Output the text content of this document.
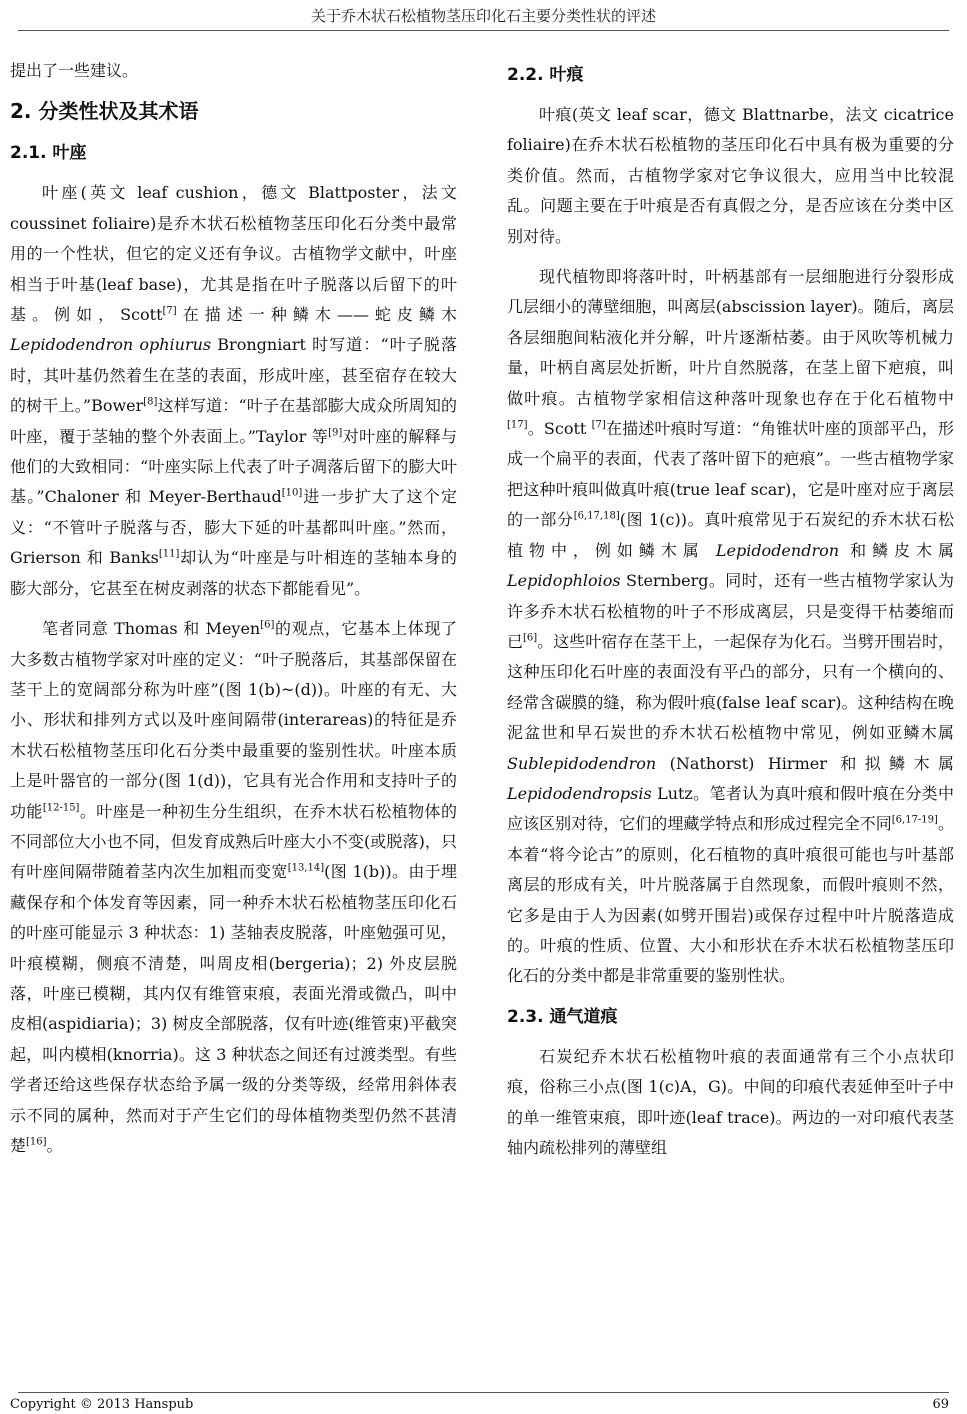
关于乔木状石松植物茎压印化石主要分类性状的评述

提出了一些建议。

2. 分类性状及其术语
2.1. 叶座

叶座(英文 leaf cushion，德文 Blattposter，法文 coussinet foliaire)是乔木状石松植物茎压印化石分类中最常用的一个性状，但它的定义还有争议。古植物学文献中，叶座相当于叶基(leaf base)，尤其是指在叶子脱落以后留下的叶基。例如，Scott[7]在描述一种鳞木——蛇皮鳞木 Lepidodendron ophiurus Brongniart 时写道：“叶子脱落时，其叶基仍然着生在茎的表面，形成叶座，甚至宿存在较大的树干上。”Bower[8]这样写道：“叶子在基部膨大成众所周知的叶座，覆于茎轴的整个外表面上。”Taylor 等[9]对叶座的解释与他们的大致相同：“叶座实际上代表了叶子凋落后留下的膨大叶基。”Chaloner 和 Meyer-Berthaud[10]进一步扩大了这个定义：“不管叶子脱落与否，膨大下延的叶基都叫叶座。”然而，Grierson 和 Banks[11]却认为“叶座是与叶相连的茎轴本身的膨大部分，它甚至在树皮剥落的状态下都能看见”。

笔者同意 Thomas 和 Meyen[6]的观点，它基本上体现了大多数古植物学家对叶座的定义：“叶子脱落后，其基部保留在茎干上的宽阔部分称为叶座”(图 1(b)~(d))。叶座的有无、大小、形状和排列方式以及叶座间隔带(interareas)的特征是乔木状石松植物茎压印化石分类中最重要的鉴别性状。叶座本质上是叶器官的一部分(图 1(d))，它具有光合作用和支持叶子的功能[12-15]。叶座是一种初生分生组织，在乔木状石松植物体的不同部位大小也不同，但发育成熟后叶座大小不变(或脱落)，只有叶座间隔带随着茎内次生加粗而变宽[13,14](图 1(b))。由于埋藏保存和个体发育等因素，同一种乔木状石松植物茎压印化石的叶座可能显示 3 种状态：1) 茎轴表皮脱落，叶座勉强可见，叶痕模糊，侧痕不清楚，叫周皮相(bergeria)；2) 外皮层脱落，叶座已模糊，其内仅有维管束痕，表面光滑或微凸，叫中皮相(aspidiaria)；3) 树皮全部脱落，仅有叶迹(维管束)平截突起，叫内模相(knorria)。这 3 种状态之间还有过渡类型。有些学者还给这些保存状态给予属一级的分类等级，经常用斜体表示不同的属种，然而对于产生它们的母体植物类型仍然不甚清楚[16]。

2.2. 叶痕

叶痕(英文 leaf scar，德文 Blattnarbe，法文 cicatrice foliaire)在乔木状石松植物的茎压印化石中具有极为重要的分类价值。然而，古植物学家对它争议很大，应用当中比较混乱。问题主要在于叶痕是否有真假之分，是否应该在分类中区别对待。

现代植物即将落叶时，叶柄基部有一层细胞进行分裂形成几层细小的薄壁细胞，叫离层(abscission layer)。随后，离层各层细胞间粘液化并分解，叶片逐渐枯萎。由于风吹等机械力量，叶柄自离层处折断，叶片自然脱落，在茎上留下疤痕，叫做叶痕。古植物学家相信这种落叶现象也存在于化石植物中[17]。Scott [7]在描述叶痕时写道：“角锥状叶座的顶部平凸，形成一个扁平的表面，代表了落叶留下的疤痕”。一些古植物学家把这种叶痕叫做真叶痕(true leaf scar)，它是叶座对应于离层的一部分[6,17,18](图 1(c))。真叶痕常见于石炭纪的乔木状石松植物中，例如鳞木属 Lepidodendron 和鳞皮木属 Lepidophloios Sternberg。同时，还有一些古植物学家认为许多乔木状石松植物的叶子不形成离层，只是变得干枯萎缩而已[6]。这些叶宿存在茎干上，一起保存为化石。当劈开围岩时，这种压印化石叶座的表面没有平凸的部分，只有一个横向的、经常含碳膜的缝，称为假叶痕(false leaf scar)。这种结构在晚泥盆世和早石炭世的乔木状石松植物中常见，例如亚鳞木属 Sublepidodendron (Nathorst) Hirmer 和拟鳞木属 Lepidodendropsis Lutz。笔者认为真叶痕和假叶痕在分类中应该区别对待，它们的埋藏学特点和形成过程完全不同[6,17-19]。本着“将今论古”的原则，化石植物的真叶痕很可能也与叶基部离层的形成有关，叶片脱落属于自然现象，而假叶痕则不然，它多是由于人为因素(如劈开围岩)或保存过程中叶片脱落造成的。叶痕的性质、位置、大小和形状在乔木状石松植物茎压印化石的分类中都是非常重要的鉴别性状。

2.3. 通气道痕

石炭纪乔木状石松植物叶痕的表面通常有三个小点状印痕，俗称三小点(图 1(c)A，G)。中间的印痕代表延伸至叶子中的单一维管束痕，即叶迹(leaf trace)。两边的一对印痕代表茎轴内疏松排列的薄壁组

Copyright © 2013 Hanspub	69
